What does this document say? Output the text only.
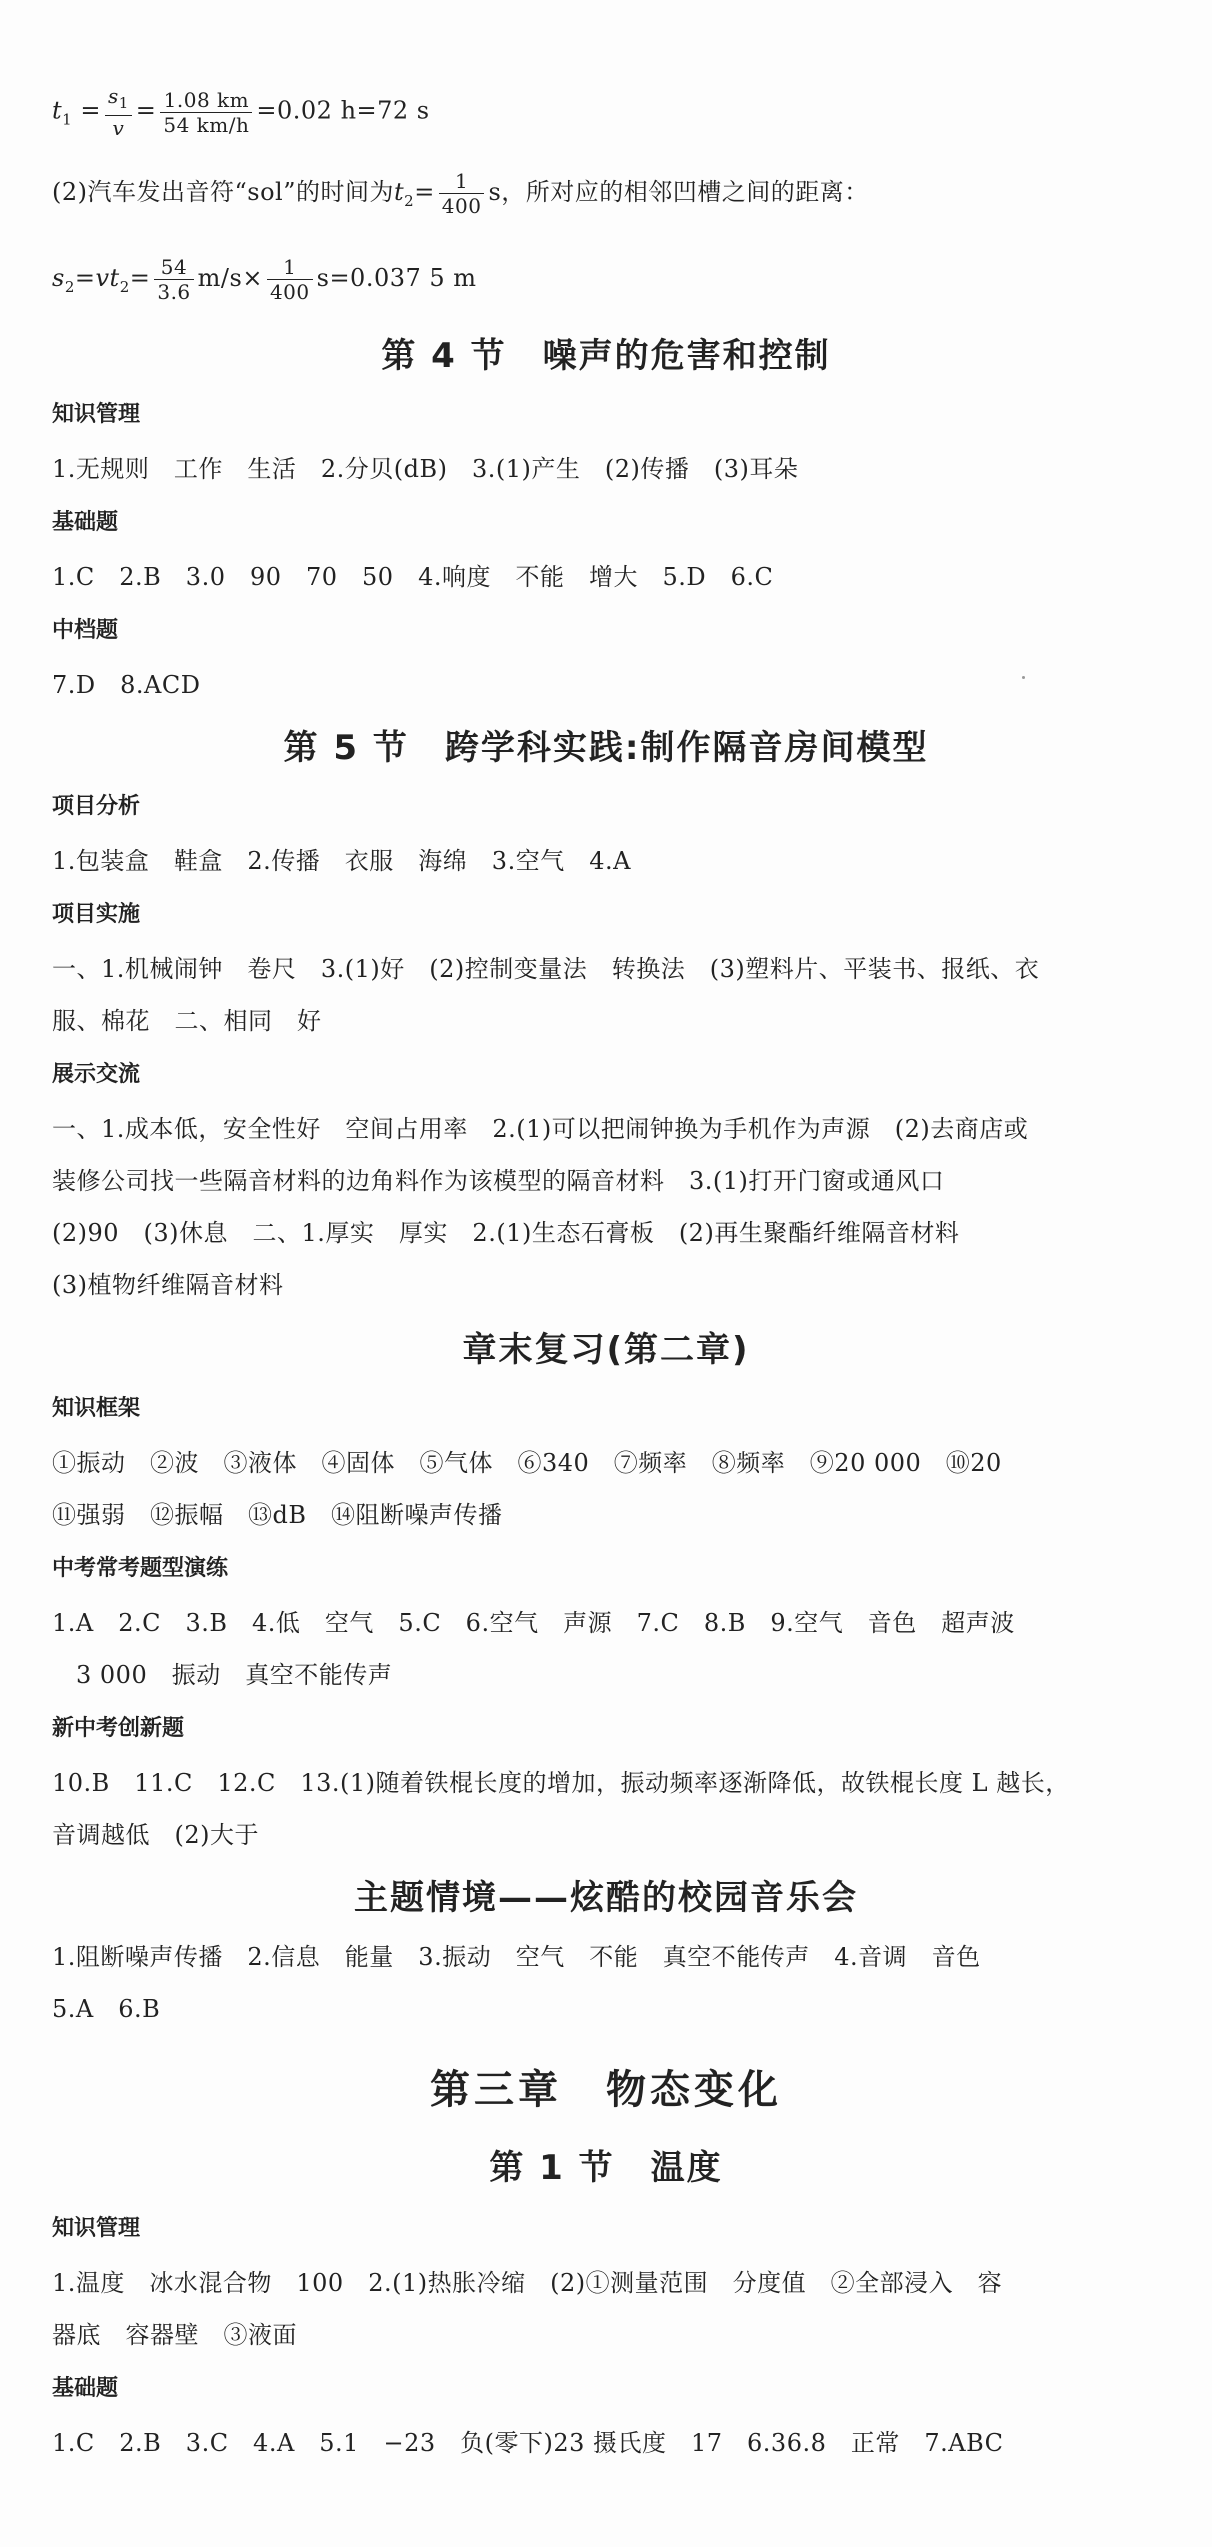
$t_1 = \frac{s_1}{v} = \frac{1.08 km}{54 km/h} =0.02$ h=72 s
(2)汽车发出音符“sol”的时间为$t_2= \frac{1}{400}$ s，所对应的相邻凹槽之间的距离：
$s_2=vt_2= \frac{54}{3.6} m/s\times \frac{1}{400} s=0.037$ 5 m
第 4 节　噪声的危害和控制
知识管理
1.无规则　工作　生活　2.分贝(dB)　3.(1)产生　(2)传播　(3)耳朵
基础题
1.C　2.B　3.0　90　70　50　4.响度　不能　增大　5.D　6.C
中档题
7.D　8.ACD
第 5 节　跨学科实践:制作隔音房间模型
项目分析
1.包装盒　鞋盒　2.传播　衣服　海绵　3.空气　4.A
项目实施
一、1.机械闹钟　卷尺　3.(1)好　(2)控制变量法　转换法　(3)塑料片、平装书、报纸、衣
服、棉花　二、相同　好
展示交流
一、1.成本低，安全性好　空间占用率　2.(1)可以把闹钟换为手机作为声源　(2)去商店或
装修公司找一些隔音材料的边角料作为该模型的隔音材料　3.(1)打开门窗或通风口
(2)90　(3)休息　二、1.厚实　厚实　2.(1)生态石膏板　(2)再生聚酯纤维隔音材料
(3)植物纤维隔音材料
章末复习(第二章)
知识框架
①振动　②波　③液体　④固体　⑤气体　⑥340　⑦频率　⑧频率　⑨20 000　⑩20
⑪强弱　⑫振幅　⑬dB　⑭阻断噪声传播
中考常考题型演练
1.A　2.C　3.B　4.低　空气　5.C　6.空气　声源　7.C　8.B　9.空气　音色　超声波
3 000　振动　真空不能传声
新中考创新题
10.B　11.C　12.C　13.(1)随着铁棍长度的增加，振动频率逐渐降低，故铁棍长度 L 越长，
音调越低　(2)大于
主题情境——炫酷的校园音乐会
1.阻断噪声传播　2.信息　能量　3.振动　空气　不能　真空不能传声　4.音调　音色
5.A　6.B
第三章　物态变化
第 1 节　温度
知识管理
1.温度　冰水混合物　100　2.(1)热胀冷缩　(2)①测量范围　分度值　②全部浸入　容
器底　容器壁　③液面
基础题
1.C　2.B　3.C　4.A　5.1　−23　负(零下)23 摄氏度　17　6.36.8　正常　7.ABC
